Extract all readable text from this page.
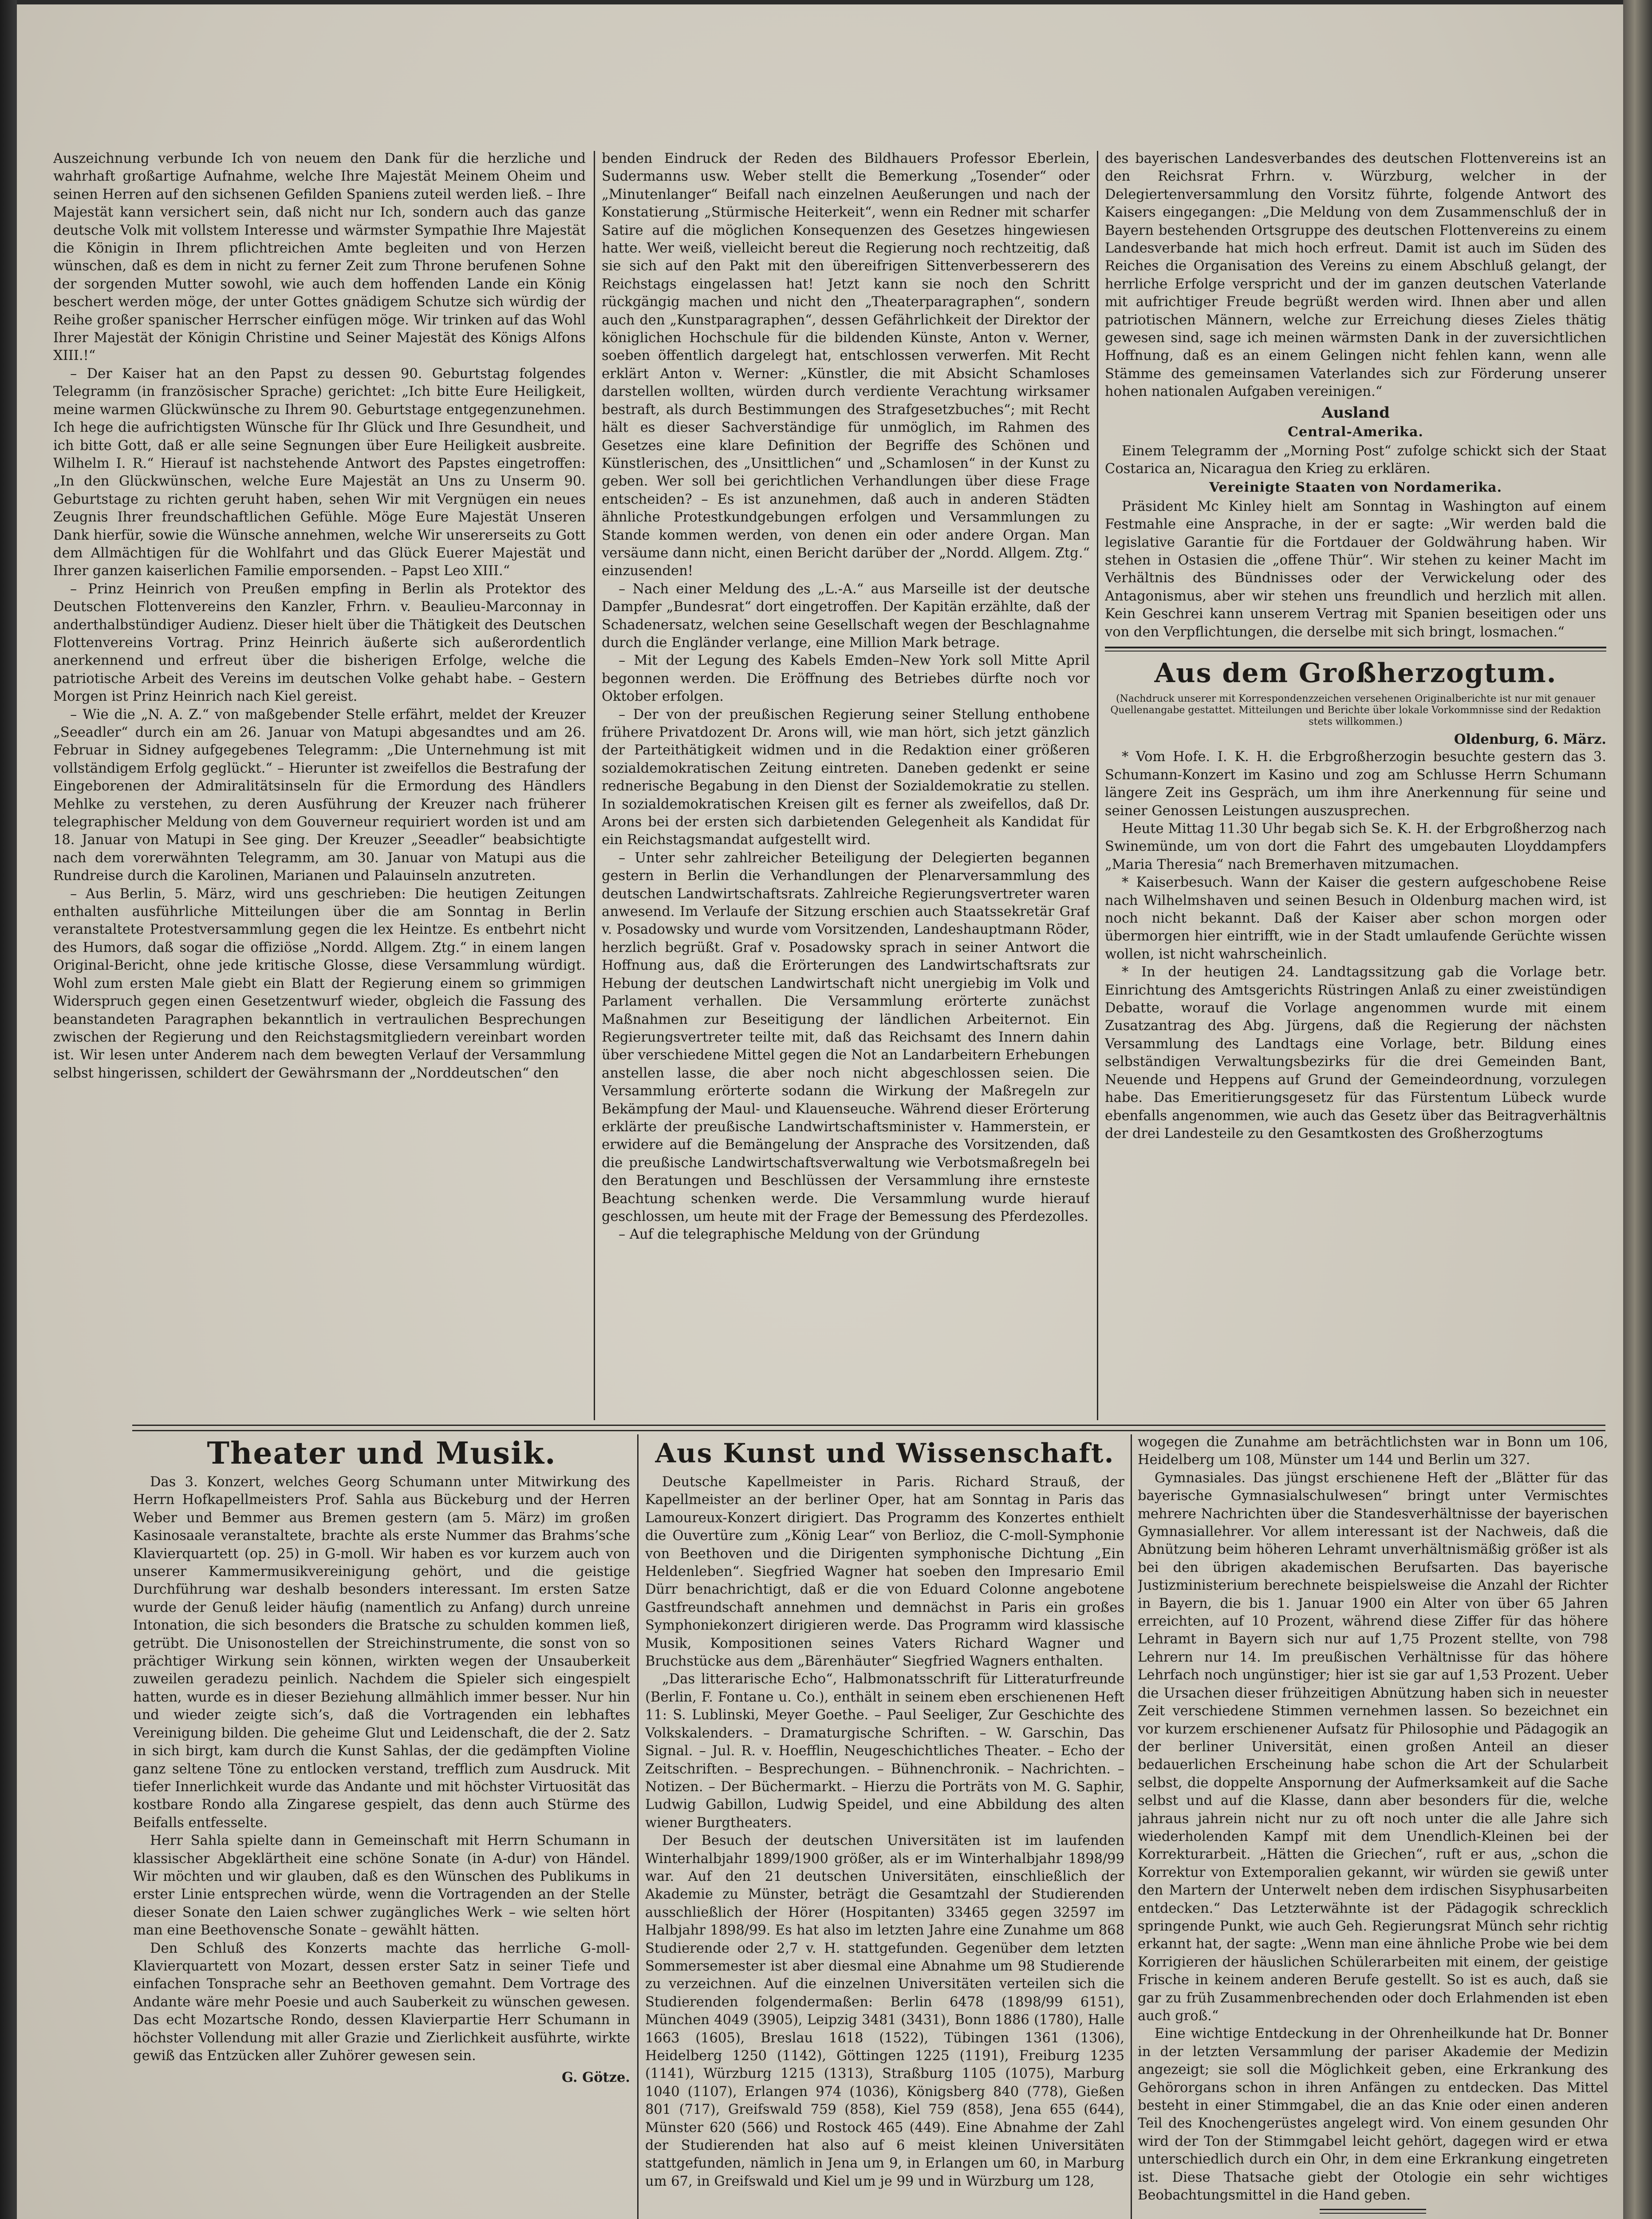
Auszeichnung verbunde Ich von neuem den Dank für die herzliche und wahrhaft großartige Aufnahme, welche Ihre Majestät Meinem Oheim und seinen Herren auf den sichsenen Gefilden Spaniens zuteil werden ließ. – Ihre Majestät kann versichert sein, daß nicht nur Ich, sondern auch das ganze deutsche Volk mit vollstem Interesse und wärmster Sympathie Ihre Majestät die Königin in Ihrem pflichtreichen Amte begleiten und von Herzen wünschen, daß es dem in nicht zu ferner Zeit zum Throne berufenen Sohne der sorgenden Mutter sowohl, wie auch dem hoffenden Lande ein König beschert werden möge, der unter Gottes gnädigem Schutze sich würdig der Reihe großer spanischer Herrscher einfügen möge. Wir trinken auf das Wohl Ihrer Majestät der Königin Christine und Seiner Majestät des Königs Alfons XIII.!“

– Der Kaiser hat an den Papst zu dessen 90. Geburtstag folgendes Telegramm (in französischer Sprache) gerichtet: „Ich bitte Eure Heiligkeit, meine warmen Glückwünsche zu Ihrem 90. Geburtstage entgegenzunehmen. Ich hege die aufrichtigsten Wünsche für Ihr Glück und Ihre Gesundheit, und ich bitte Gott, daß er alle seine Segnungen über Eure Heiligkeit ausbreite. Wilhelm I. R.“ Hierauf ist nachstehende Antwort des Papstes eingetroffen: „In den Glückwünschen, welche Eure Majestät an Uns zu Unserm 90. Geburtstage zu richten geruht haben, sehen Wir mit Vergnügen ein neues Zeugnis Ihrer freundschaftlichen Gefühle. Möge Eure Majestät Unseren Dank hierfür, sowie die Wünsche annehmen, welche Wir unsererseits zu Gott dem Allmächtigen für die Wohlfahrt und das Glück Euerer Majestät und Ihrer ganzen kaiserlichen Familie emporsenden. – Papst Leo XIII.“

– Prinz Heinrich von Preußen empfing in Berlin als Protektor des Deutschen Flottenvereins den Kanzler, Frhrn. v. Beaulieu-Marconnay in anderthalbstündiger Audienz. Dieser hielt über die Thätigkeit des Deutschen Flottenvereins Vortrag. Prinz Heinrich äußerte sich außerordentlich anerkennend und erfreut über die bisherigen Erfolge, welche die patriotische Arbeit des Vereins im deutschen Volke gehabt habe. – Gestern Morgen ist Prinz Heinrich nach Kiel gereist.

– Wie die „N. A. Z.“ von maßgebender Stelle erfährt, meldet der Kreuzer „Seeadler“ durch ein am 26. Januar von Matupi abgesandtes und am 26. Februar in Sidney aufgegebenes Telegramm: „Die Unternehmung ist mit vollständigem Erfolg geglückt.“ – Hierunter ist zweifellos die Bestrafung der Eingeborenen der Admiralitätsinseln für die Ermordung des Händlers Mehlke zu verstehen, zu deren Ausführung der Kreuzer nach früherer telegraphischer Meldung von dem Gouverneur requiriert worden ist und am 18. Januar von Matupi in See ging. Der Kreuzer „Seeadler“ beabsichtigte nach dem vorerwähnten Telegramm, am 30. Januar von Matupi aus die Rundreise durch die Karolinen, Marianen und Palauinseln anzutreten.

– Aus Berlin, 5. März, wird uns geschrieben: Die heutigen Zeitungen enthalten ausführliche Mitteilungen über die am Sonntag in Berlin veranstaltete Protestversammlung gegen die lex Heintze. Es entbehrt nicht des Humors, daß sogar die offiziöse „Nordd. Allgem. Ztg.“ in einem langen Original-Bericht, ohne jede kritische Glosse, diese Versammlung würdigt. Wohl zum ersten Male giebt ein Blatt der Regierung einem so grimmigen Widerspruch gegen einen Gesetzentwurf wieder, obgleich die Fassung des beanstandeten Paragraphen bekanntlich in vertraulichen Besprechungen zwischen der Regierung und den Reichstagsmitgliedern vereinbart worden ist. Wir lesen unter Anderem nach dem bewegten Verlauf der Versammlung selbst hingerissen, schildert der Gewährsmann der „Norddeutschen“ den

benden Eindruck der Reden des Bildhauers Professor Eberlein, Sudermanns usw. Weber stellt die Bemerkung „Tosender“ oder „Minutenlanger“ Beifall nach einzelnen Aeußerungen und nach der Konstatierung „Stürmische Heiterkeit“, wenn ein Redner mit scharfer Satire auf die möglichen Konsequenzen des Gesetzes hingewiesen hatte. Wer weiß, vielleicht bereut die Regierung noch rechtzeitig, daß sie sich auf den Pakt mit den übereifrigen Sittenverbesserern des Reichstags eingelassen hat! Jetzt kann sie noch den Schritt rückgängig machen und nicht den „Theaterparagraphen“, sondern auch den „Kunstparagraphen“, dessen Gefährlichkeit der Direktor der königlichen Hochschule für die bildenden Künste, Anton v. Werner, soeben öffentlich dargelegt hat, entschlossen verwerfen. Mit Recht erklärt Anton v. Werner: „Künstler, die mit Absicht Schamloses darstellen wollten, würden durch verdiente Verachtung wirksamer bestraft, als durch Bestimmungen des Strafgesetzbuches“; mit Recht hält es dieser Sachverständige für unmöglich, im Rahmen des Gesetzes eine klare Definition der Begriffe des Schönen und Künstlerischen, des „Unsittlichen“ und „Schamlosen“ in der Kunst zu geben. Wer soll bei gerichtlichen Verhandlungen über diese Frage entscheiden? – Es ist anzunehmen, daß auch in anderen Städten ähnliche Protestkundgebungen erfolgen und Versammlungen zu Stande kommen werden, von denen ein oder andere Organ. Man versäume dann nicht, einen Bericht darüber der „Nordd. Allgem. Ztg.“ einzusenden!

– Nach einer Meldung des „L.-A.“ aus Marseille ist der deutsche Dampfer „Bundesrat“ dort eingetroffen. Der Kapitän erzählte, daß der Schadenersatz, welchen seine Gesellschaft wegen der Beschlagnahme durch die Engländer verlange, eine Million Mark betrage.

– Mit der Legung des Kabels Emden–New York soll Mitte April begonnen werden. Die Eröffnung des Betriebes dürfte noch vor Oktober erfolgen.

– Der von der preußischen Regierung seiner Stellung enthobene frühere Privatdozent Dr. Arons will, wie man hört, sich jetzt gänzlich der Parteithätigkeit widmen und in die Redaktion einer größeren sozialdemokratischen Zeitung eintreten. Daneben gedenkt er seine rednerische Begabung in den Dienst der Sozialdemokratie zu stellen. In sozialdemokratischen Kreisen gilt es ferner als zweifellos, daß Dr. Arons bei der ersten sich darbietenden Gelegenheit als Kandidat für ein Reichstagsmandat aufgestellt wird.

– Unter sehr zahlreicher Beteiligung der Delegierten begannen gestern in Berlin die Verhandlungen der Plenarversammlung des deutschen Landwirtschaftsrats. Zahlreiche Regierungsvertreter waren anwesend. Im Verlaufe der Sitzung erschien auch Staatssekretär Graf v. Posadowsky und wurde vom Vorsitzenden, Landeshauptmann Röder, herzlich begrüßt. Graf v. Posadowsky sprach in seiner Antwort die Hoffnung aus, daß die Erörterungen des Landwirtschaftsrats zur Hebung der deutschen Landwirtschaft nicht unergiebig im Volk und Parlament verhallen. Die Versammlung erörterte zunächst Maßnahmen zur Beseitigung der ländlichen Arbeiternot. Ein Regierungsvertreter teilte mit, daß das Reichsamt des Innern dahin über verschiedene Mittel gegen die Not an Landarbeitern Erhebungen anstellen lasse, die aber noch nicht abgeschlossen seien. Die Versammlung erörterte sodann die Wirkung der Maßregeln zur Bekämpfung der Maul- und Klauenseuche. Während dieser Erörterung erklärte der preußische Landwirtschaftsminister v. Hammerstein, er erwidere auf die Bemängelung der Ansprache des Vorsitzenden, daß die preußische Landwirtschaftsverwaltung wie Verbotsmaßregeln bei den Beratungen und Beschlüssen der Versammlung ihre ernsteste Beachtung schenken werde. Die Versammlung wurde hierauf geschlossen, um heute mit der Frage der Bemessung des Pferdezolles.

– Auf die telegraphische Meldung von der Gründung

des bayerischen Landesverbandes des deutschen Flottenvereins ist an den Reichsrat Frhrn. v. Würzburg, welcher in der Delegiertenversammlung den Vorsitz führte, folgende Antwort des Kaisers eingegangen: „Die Meldung von dem Zusammenschluß der in Bayern bestehenden Ortsgruppe des deutschen Flottenvereins zu einem Landesverbande hat mich hoch erfreut. Damit ist auch im Süden des Reiches die Organisation des Vereins zu einem Abschluß gelangt, der herrliche Erfolge verspricht und der im ganzen deutschen Vaterlande mit aufrichtiger Freude begrüßt werden wird. Ihnen aber und allen patriotischen Männern, welche zur Erreichung dieses Zieles thätig gewesen sind, sage ich meinen wärmsten Dank in der zuversichtlichen Hoffnung, daß es an einem Gelingen nicht fehlen kann, wenn alle Stämme des gemeinsamen Vaterlandes sich zur Förderung unserer hohen nationalen Aufgaben vereinigen.“

Ausland
Central-Amerika.

Einem Telegramm der „Morning Post“ zufolge schickt sich der Staat Costarica an, Nicaragua den Krieg zu erklären.

Vereinigte Staaten von Nordamerika.

Präsident Mc Kinley hielt am Sonntag in Washington auf einem Festmahle eine Ansprache, in der er sagte: „Wir werden bald die legislative Garantie für die Fortdauer der Goldwährung haben. Wir stehen in Ostasien die „offene Thür“. Wir stehen zu keiner Macht im Verhältnis des Bündnisses oder der Verwickelung oder des Antagonismus, aber wir stehen uns freundlich und herzlich mit allen. Kein Geschrei kann unserem Vertrag mit Spanien beseitigen oder uns von den Verpflichtungen, die derselbe mit sich bringt, losmachen.“

Aus dem Großherzogtum.
(Nachdruck unserer mit Korrespondenzzeichen versehenen Originalberichte ist nur mit genauer Quellenangabe gestattet. Mitteilungen und Berichte über lokale Vorkommnisse sind der Redaktion stets willkommen.)
Oldenburg, 6. März.

* Vom Hofe. I. K. H. die Erbgroßherzogin besuchte gestern das 3. Schumann-Konzert im Kasino und zog am Schlusse Herrn Schumann längere Zeit ins Gespräch, um ihm ihre Anerkennung für seine und seiner Genossen Leistungen auszusprechen.

Heute Mittag 11.30 Uhr begab sich Se. K. H. der Erbgroßherzog nach Swinemünde, um von dort die Fahrt des umgebauten Lloyddampfers „Maria Theresia“ nach Bremerhaven mitzumachen.

* Kaiserbesuch. Wann der Kaiser die gestern aufgeschobene Reise nach Wilhelmshaven und seinen Besuch in Oldenburg machen wird, ist noch nicht bekannt. Daß der Kaiser aber schon morgen oder übermorgen hier eintrifft, wie in der Stadt umlaufende Gerüchte wissen wollen, ist nicht wahrscheinlich.

* In der heutigen 24. Landtagssitzung gab die Vorlage betr. Einrichtung des Amtsgerichts Rüstringen Anlaß zu einer zweistündigen Debatte, worauf die Vorlage angenommen wurde mit einem Zusatzantrag des Abg. Jürgens, daß die Regierung der nächsten Versammlung des Landtags eine Vorlage, betr. Bildung eines selbständigen Verwaltungsbezirks für die drei Gemeinden Bant, Neuende und Heppens auf Grund der Gemeindeordnung, vorzulegen habe. Das Emeritierungsgesetz für das Fürstentum Lübeck wurde ebenfalls angenommen, wie auch das Gesetz über das Beitragverhältnis der drei Landesteile zu den Gesamtkosten des Großherzogtums

Theater und Musik.

Das 3. Konzert, welches Georg Schumann unter Mitwirkung des Herrn Hofkapellmeisters Prof. Sahla aus Bückeburg und der Herren Weber und Bemmer aus Bremen gestern (am 5. März) im großen Kasinosaale veranstaltete, brachte als erste Nummer das Brahms’sche Klavierquartett (op. 25) in G-moll. Wir haben es vor kurzem auch von unserer Kammermusikvereinigung gehört, und die geistige Durchführung war deshalb besonders interessant. Im ersten Satze wurde der Genuß leider häufig (namentlich zu Anfang) durch unreine Intonation, die sich besonders die Bratsche zu schulden kommen ließ, getrübt. Die Unisonostellen der Streichinstrumente, die sonst von so prächtiger Wirkung sein können, wirkten wegen der Unsauberkeit zuweilen geradezu peinlich. Nachdem die Spieler sich eingespielt hatten, wurde es in dieser Beziehung allmählich immer besser. Nur hin und wieder zeigte sich’s, daß die Vortragenden ein lebhaftes Vereinigung bilden. Die geheime Glut und Leidenschaft, die der 2. Satz in sich birgt, kam durch die Kunst Sahlas, der die gedämpften Violine ganz seltene Töne zu entlocken verstand, trefflich zum Ausdruck. Mit tiefer Innerlichkeit wurde das Andante und mit höchster Virtuosität das kostbare Rondo alla Zingarese gespielt, das denn auch Stürme des Beifalls entfesselte.

Herr Sahla spielte dann in Gemeinschaft mit Herrn Schumann in klassischer Abgeklärtheit eine schöne Sonate (in A-dur) von Händel. Wir möchten und wir glauben, daß es den Wünschen des Publikums in erster Linie entsprechen würde, wenn die Vortragenden an der Stelle dieser Sonate den Laien schwer zugängliches Werk – wie selten hört man eine Beethovensche Sonate – gewählt hätten.

Den Schluß des Konzerts machte das herrliche G-moll-Klavierquartett von Mozart, dessen erster Satz in seiner Tiefe und einfachen Tonsprache sehr an Beethoven gemahnt. Dem Vortrage des Andante wäre mehr Poesie und auch Sauberkeit zu wünschen gewesen. Das echt Mozartsche Rondo, dessen Klavierpartie Herr Schumann in höchster Vollendung mit aller Grazie und Zierlichkeit ausführte, wirkte gewiß das Entzücken aller Zuhörer gewesen sein.

G. Götze.
Aus Kunst und Wissenschaft.

Deutsche Kapellmeister in Paris. Richard Strauß, der Kapellmeister an der berliner Oper, hat am Sonntag in Paris das Lamoureux-Konzert dirigiert. Das Programm des Konzertes enthielt die Ouvertüre zum „König Lear“ von Berlioz, die C-moll-Symphonie von Beethoven und die Dirigenten symphonische Dichtung „Ein Heldenleben“. Siegfried Wagner hat soeben den Impresario Emil Dürr benachrichtigt, daß er die von Eduard Colonne angebotene Gastfreundschaft annehmen und demnächst in Paris ein großes Symphoniekonzert dirigieren werde. Das Programm wird klassische Musik, Kompositionen seines Vaters Richard Wagner und Bruchstücke aus dem „Bärenhäuter“ Siegfried Wagners enthalten.

„Das litterarische Echo“, Halbmonatsschrift für Litteraturfreunde (Berlin, F. Fontane u. Co.), enthält in seinem eben erschienenen Heft 11: S. Lublinski, Meyer Goethe. – Paul Seeliger, Zur Geschichte des Volkskalenders. – Dramaturgische Schriften. – W. Garschin, Das Signal. – Jul. R. v. Hoefflin, Neugeschichtliches Theater. – Echo der Zeitschriften. – Besprechungen. – Bühnenchronik. – Nachrichten. – Notizen. – Der Büchermarkt. – Hierzu die Porträts von M. G. Saphir, Ludwig Gabillon, Ludwig Speidel, und eine Abbildung des alten wiener Burgtheaters.

Der Besuch der deutschen Universitäten ist im laufenden Winterhalbjahr 1899/1900 größer, als er im Winterhalbjahr 1898/99 war. Auf den 21 deutschen Universitäten, einschließlich der Akademie zu Münster, beträgt die Gesamtzahl der Studierenden ausschließlich der Hörer (Hospitanten) 33465 gegen 32597 im Halbjahr 1898/99. Es hat also im letzten Jahre eine Zunahme um 868 Studierende oder 2,7 v. H. stattgefunden. Gegenüber dem letzten Sommersemester ist aber diesmal eine Abnahme um 98 Studierende zu verzeichnen. Auf die einzelnen Universitäten verteilen sich die Studierenden folgendermaßen: Berlin 6478 (1898/99 6151), München 4049 (3905), Leipzig 3481 (3431), Bonn 1886 (1780), Halle 1663 (1605), Breslau 1618 (1522), Tübingen 1361 (1306), Heidelberg 1250 (1142), Göttingen 1225 (1191), Freiburg 1235 (1141), Würzburg 1215 (1313), Straßburg 1105 (1075), Marburg 1040 (1107), Erlangen 974 (1036), Königsberg 840 (778), Gießen 801 (717), Greifswald 759 (858), Kiel 759 (858), Jena 655 (644), Münster 620 (566) und Rostock 465 (449). Eine Abnahme der Zahl der Studierenden hat also auf 6 meist kleinen Universitäten stattgefunden, nämlich in Jena um 9, in Erlangen um 60, in Marburg um 67, in Greifswald und Kiel um je 99 und in Würzburg um 128,

wogegen die Zunahme am beträchtlichsten war in Bonn um 106, Heidelberg um 108, Münster um 144 und Berlin um 327.

Gymnasiales. Das jüngst erschienene Heft der „Blätter für das bayerische Gymnasialschulwesen“ bringt unter Vermischtes mehrere Nachrichten über die Standesverhältnisse der bayerischen Gymnasiallehrer. Vor allem interessant ist der Nachweis, daß die Abnützung beim höheren Lehramt unverhältnismäßig größer ist als bei den übrigen akademischen Berufsarten. Das bayerische Justizministerium berechnete beispielsweise die Anzahl der Richter in Bayern, die bis 1. Januar 1900 ein Alter von über 65 Jahren erreichten, auf 10 Prozent, während diese Ziffer für das höhere Lehramt in Bayern sich nur auf 1,75 Prozent stellte, von 798 Lehrern nur 14. Im preußischen Verhältnisse für das höhere Lehrfach noch ungünstiger; hier ist sie gar auf 1,53 Prozent. Ueber die Ursachen dieser frühzeitigen Abnützung haben sich in neuester Zeit verschiedene Stimmen vernehmen lassen. So bezeichnet ein vor kurzem erschienener Aufsatz für Philosophie und Pädagogik an der berliner Universität, einen großen Anteil an dieser bedauerlichen Erscheinung habe schon die Art der Schularbeit selbst, die doppelte Anspornung der Aufmerksamkeit auf die Sache selbst und auf die Klasse, dann aber besonders für die, welche jahraus jahrein nicht nur zu oft noch unter die alle Jahre sich wiederholenden Kampf mit dem Unendlich-Kleinen bei der Korrekturarbeit. „Hätten die Griechen“, ruft er aus, „schon die Korrektur von Extemporalien gekannt, wir würden sie gewiß unter den Martern der Unterwelt neben dem irdischen Sisyphusarbeiten entdecken.“ Das Letzterwähnte ist der Pädagogik schrecklich springende Punkt, wie auch Geh. Regierungsrat Münch sehr richtig erkannt hat, der sagte: „Wenn man eine ähnliche Probe wie bei dem Korrigieren der häuslichen Schülerarbeiten mit einem, der geistige Frische in keinem anderen Berufe gestellt. So ist es auch, daß sie gar zu früh Zusammenbrechenden oder doch Erlahmenden ist eben auch groß.“

Eine wichtige Entdeckung in der Ohrenheilkunde hat Dr. Bonner in der letzten Versammlung der pariser Akademie der Medizin angezeigt; sie soll die Möglichkeit geben, eine Erkrankung des Gehörorgans schon in ihren Anfängen zu entdecken. Das Mittel besteht in einer Stimmgabel, die an das Knie oder einen anderen Teil des Knochengerüstes angelegt wird. Von einem gesunden Ohr wird der Ton der Stimmgabel leicht gehört, dagegen wird er etwa unterschiedlich durch ein Ohr, in dem eine Erkrankung eingetreten ist. Diese Thatsache giebt der Otologie ein sehr wichtiges Beobachtungsmittel in die Hand geben.
